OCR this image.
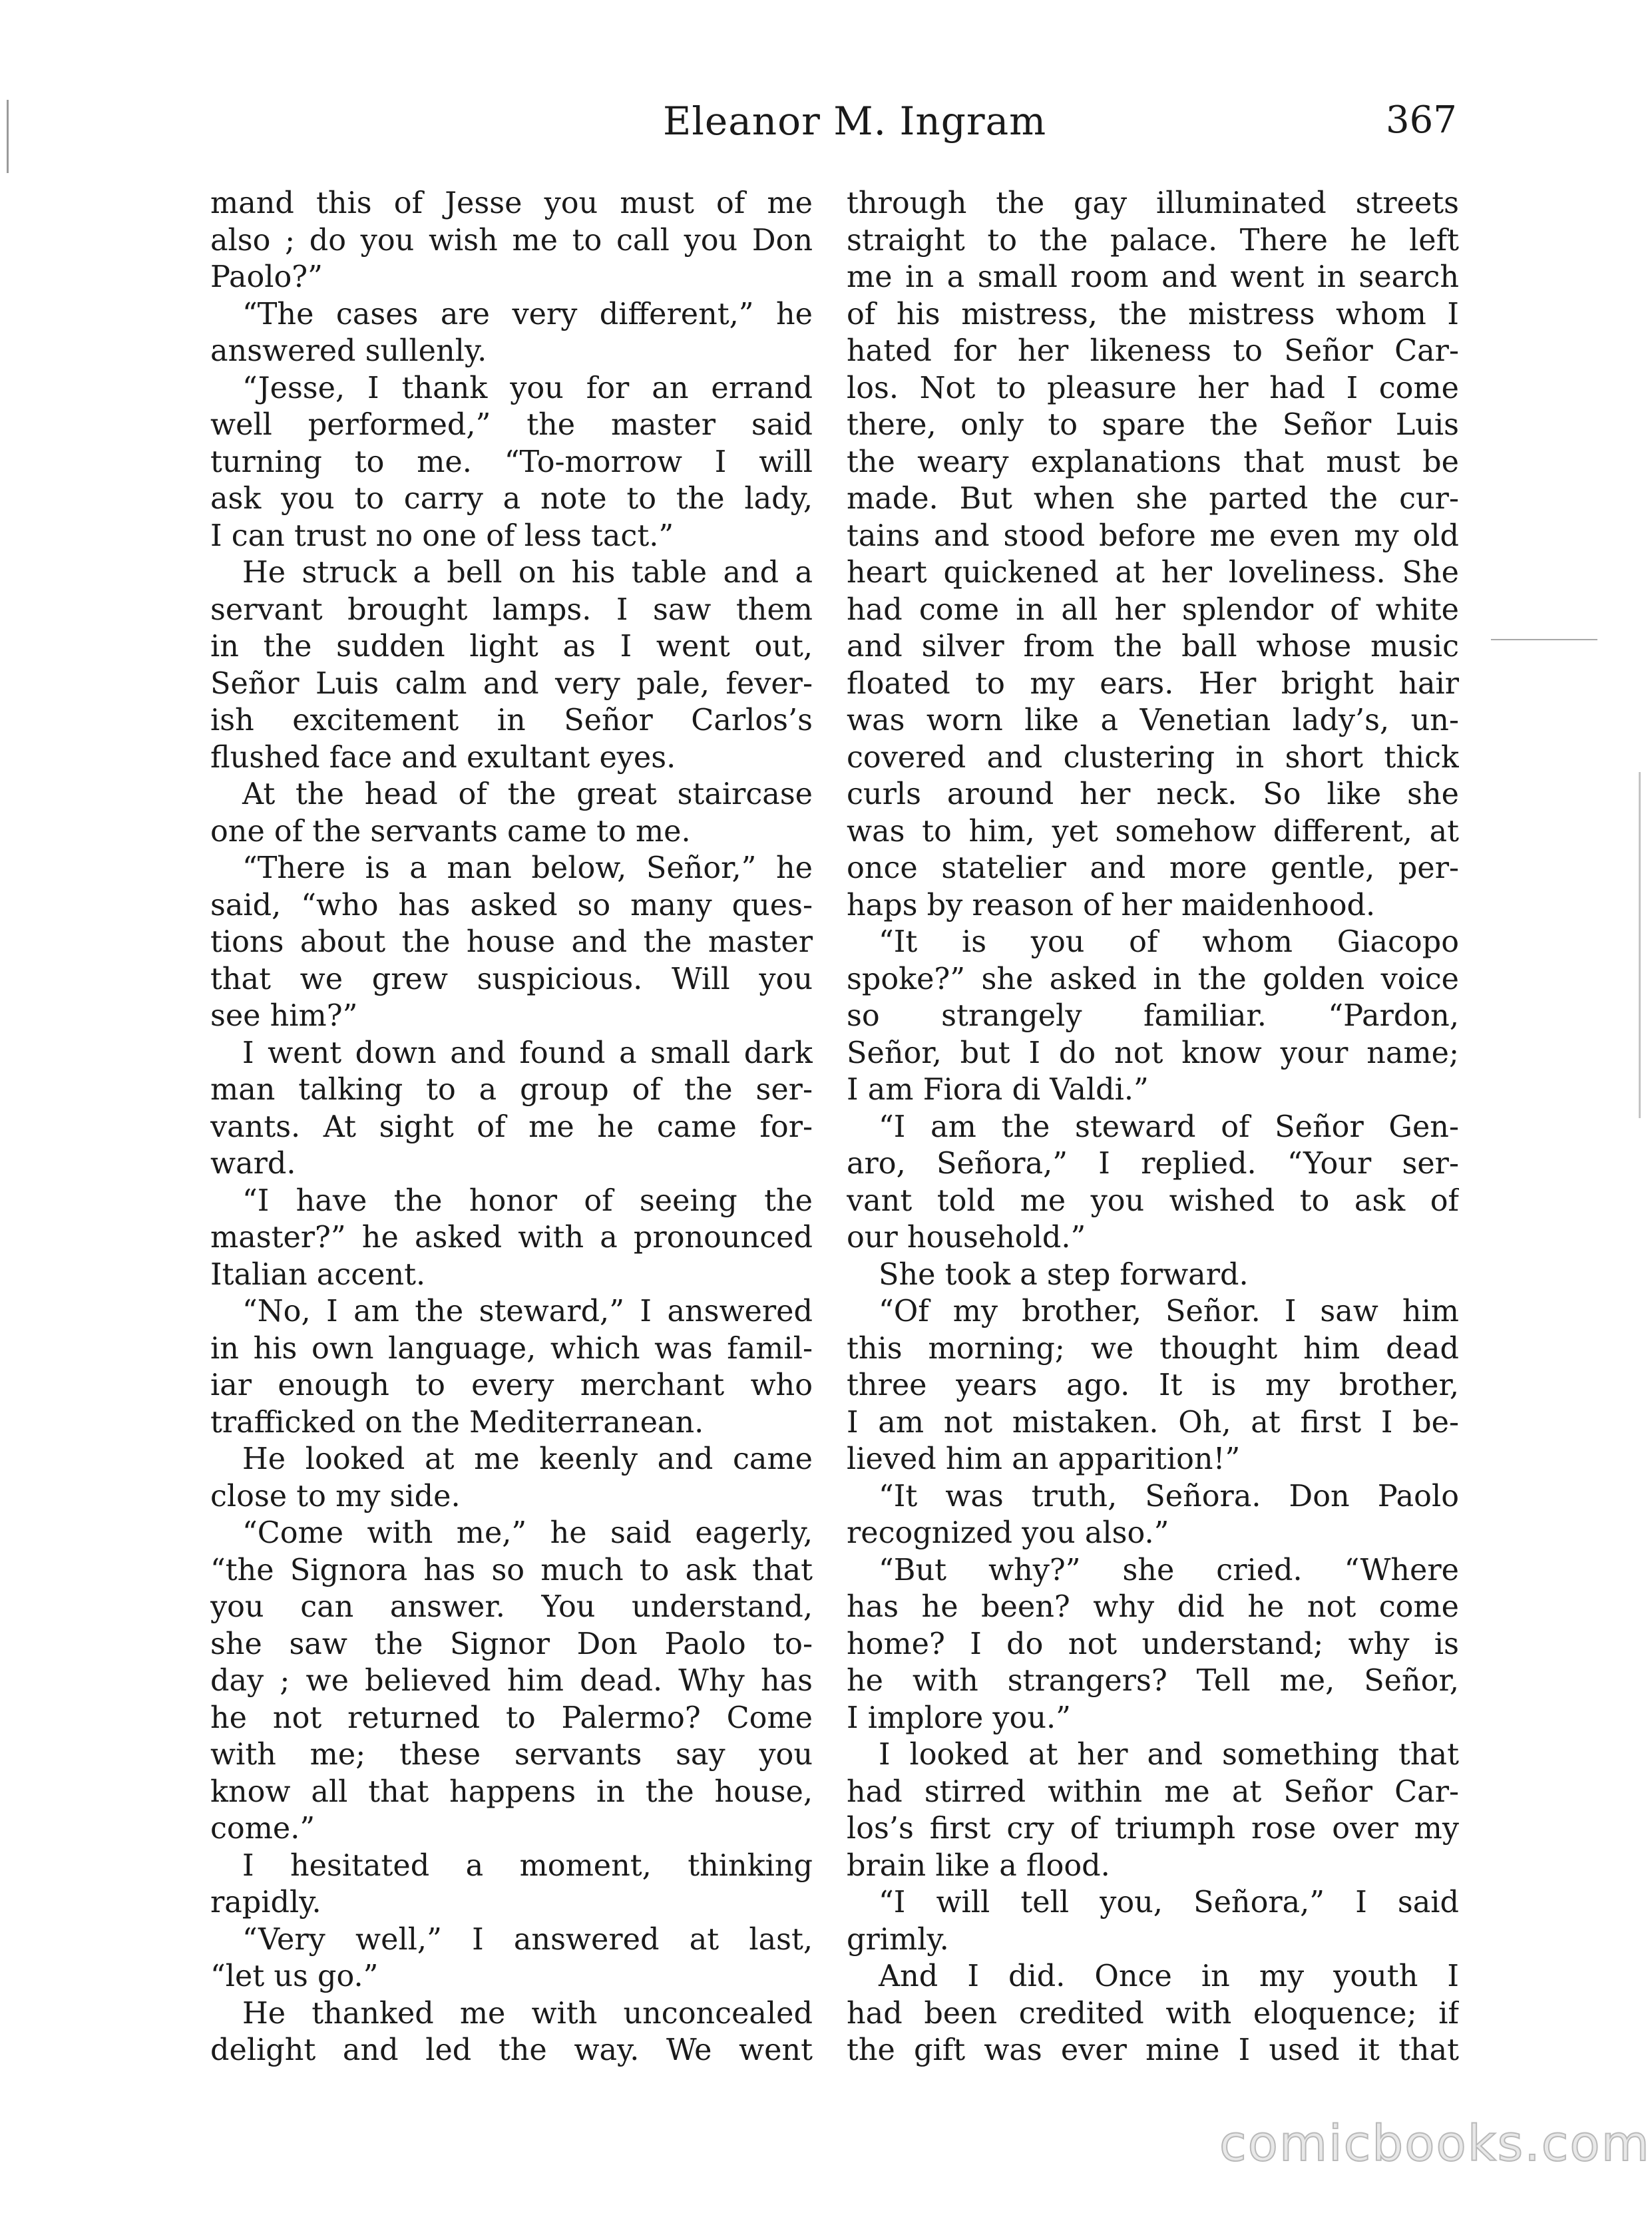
Eleanor M. Ingram	367
mand this of Jesse you must of me
also ; do you wish me to call you Don
Paolo?”
“The cases are very different,” he
answered sullenly.
“Jesse, I thank you for an errand
well performed,” the master said
turning to me. “To-morrow I will
ask you to carry a note to the lady,
I can trust no one of less tact.”
He struck a bell on his table and a
servant brought lamps. I saw them
in the sudden light as I went out,
Señor Luis calm and very pale, fever-
ish excitement in Señor Carlos’s
flushed face and exultant eyes.
At the head of the great staircase
one of the servants came to me.
“There is a man below, Señor,” he
said, “who has asked so many ques-
tions about the house and the master
that we grew suspicious. Will you
see him?”
I went down and found a small dark
man talking to a group of the ser-
vants. At sight of me he came for-
ward.
“I have the honor of seeing the
master?” he asked with a pronounced
Italian accent.
“No, I am the steward,” I answered
in his own language, which was famil-
iar enough to every merchant who
trafficked on the Mediterranean.
He looked at me keenly and came
close to my side.
“Come with me,” he said eagerly,
“the Signora has so much to ask that
you can answer. You understand,
she saw the Signor Don Paolo to-
day ; we believed him dead. Why has
he not returned to Palermo? Come
with me; these servants say you
know all that happens in the house,
come.”
I hesitated a moment, thinking
rapidly.
“Very well,” I answered at last,
“let us go.”
He thanked me with unconcealed
delight and led the way. We went
through the gay illuminated streets
straight to the palace. There he left
me in a small room and went in search
of his mistress, the mistress whom I
hated for her likeness to Señor Car-
los. Not to pleasure her had I come
there, only to spare the Señor Luis
the weary explanations that must be
made. But when she parted the cur-
tains and stood before me even my old
heart quickened at her loveliness. She
had come in all her splendor of white
and silver from the ball whose music
floated to my ears. Her bright hair
was worn like a Venetian lady’s, un-
covered and clustering in short thick
curls around her neck. So like she
was to him, yet somehow different, at
once statelier and more gentle, per-
haps by reason of her maidenhood.
“It is you of whom Giacopo
spoke?” she asked in the golden voice
so strangely familiar. “Pardon,
Señor, but I do not know your name;
I am Fiora di Valdi.”
“I am the steward of Señor Gen-
aro, Señora,” I replied. “Your ser-
vant told me you wished to ask of
our household.”
She took a step forward.
“Of my brother, Señor. I saw him
this morning; we thought him dead
three years ago. It is my brother,
I am not mistaken. Oh, at first I be-
lieved him an apparition!”
“It was truth, Señora. Don Paolo
recognized you also.”
“But why?” she cried. “Where
has he been? why did he not come
home? I do not understand; why is
he with strangers? Tell me, Señor,
I implore you.”
I looked at her and something that
had stirred within me at Señor Car-
los’s first cry of triumph rose over my
brain like a flood.
“I will tell you, Señora,” I said
grimly.
And I did. Once in my youth I
had been credited with eloquence; if
the gift was ever mine I used it that
comicbooks.com
